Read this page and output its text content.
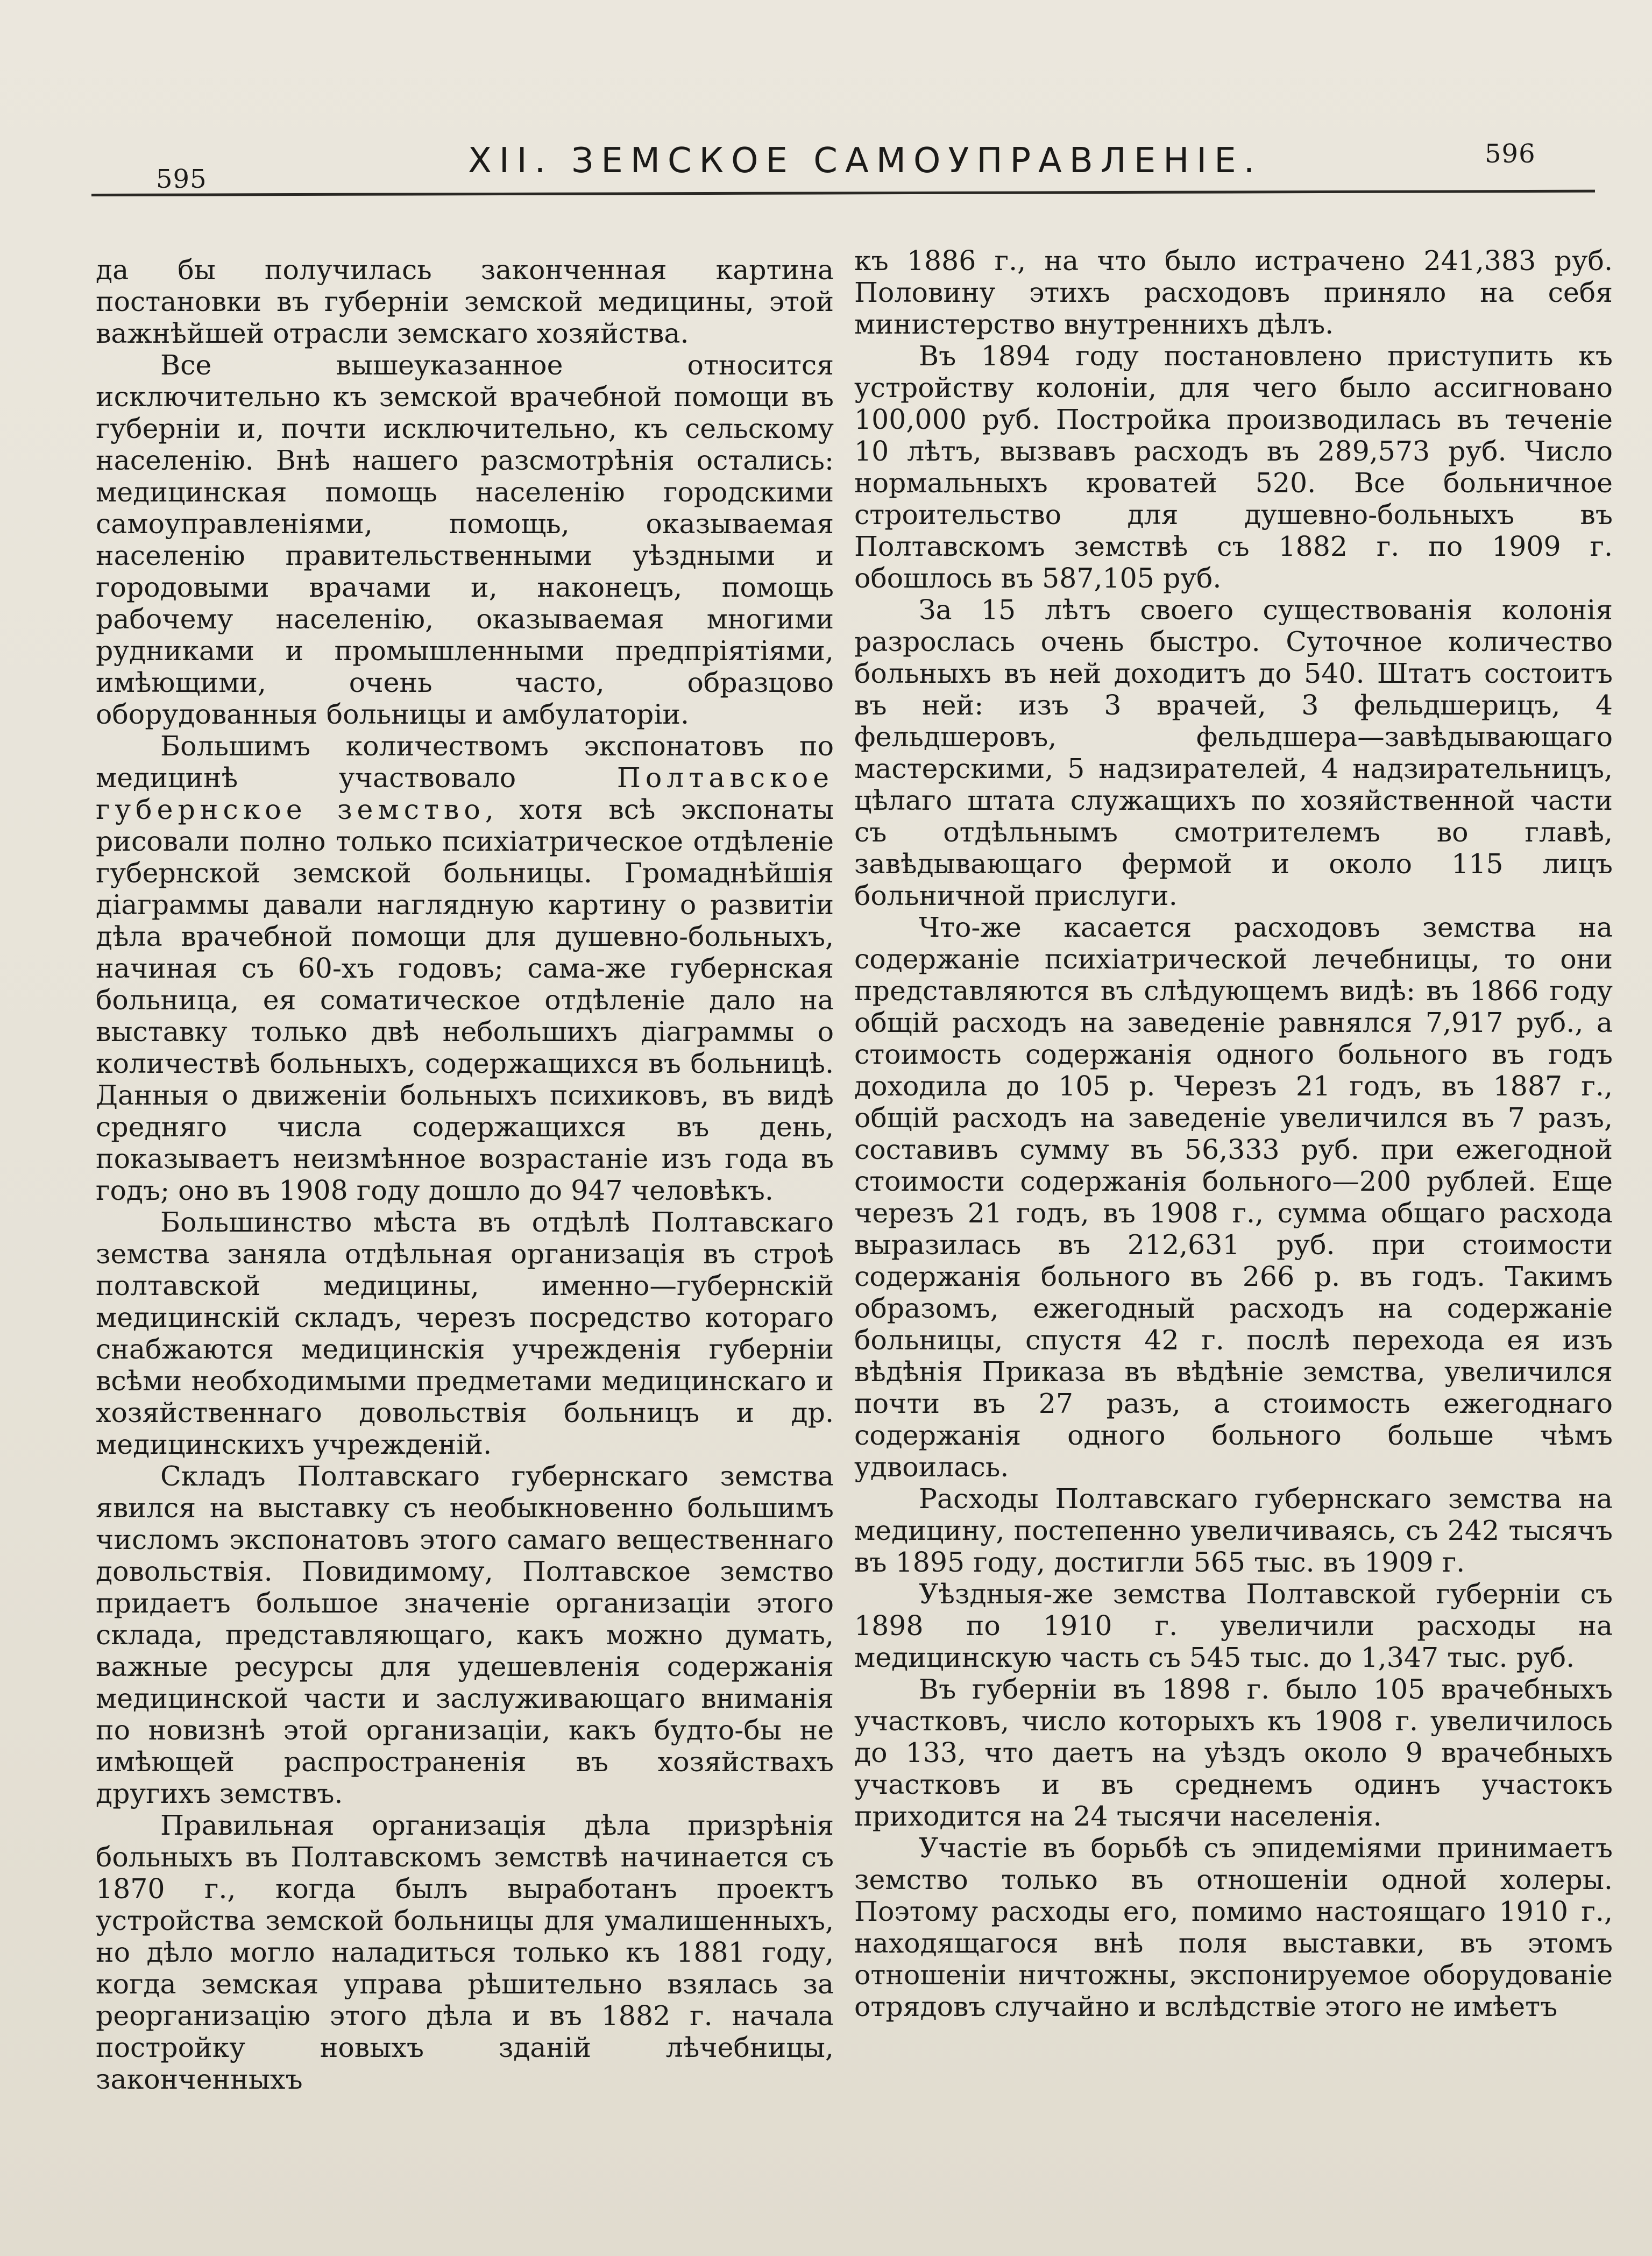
595	XII. ЗЕМСКОЕ САМОУПРАВЛЕНІЕ.	596

да бы получилась законченная картина постановки въ губерніи земской медицины, этой важнѣйшей отрасли земскаго хозяйства.

Все вышеуказанное относится исключительно къ земской врачебной помощи въ губерніи и, почти исключительно, къ сельскому населенію. Внѣ нашего разсмотрѣнія остались: медицинская помощь населенію городскими самоуправленіями, помощь, оказываемая населенію правительственными уѣздными и городовыми врачами и, наконецъ, помощь рабочему населенію, оказываемая многими рудниками и промышленными предпріятіями, имѣющими, очень часто, образцово оборудованныя больницы и амбулаторіи.

Большимъ количествомъ экспонатовъ по медицинѣ участвовало Полтавское губернское земство, хотя всѣ экспонаты рисовали полно только психіатрическое отдѣленіе губернской земской больницы. Громаднѣйшія діаграммы давали наглядную картину о развитіи дѣла врачебной помощи для душевно-больныхъ, начиная съ 60-хъ годовъ; сама-же губернская больница, ея соматическое отдѣленіе дало на выставку только двѣ небольшихъ діаграммы о количествѣ больныхъ, содержащихся въ больницѣ. Данныя о движеніи больныхъ психиковъ, въ видѣ средняго числа содержащихся въ день, показываетъ неизмѣнное возрастаніе изъ года въ годъ; оно въ 1908 году дошло до 947 человѣкъ.

Большинство мѣста въ отдѣлѣ Полтавскаго земства заняла отдѣльная организація въ строѣ полтавской медицины, именно—губернскій медицинскій складъ, черезъ посредство котораго снабжаются медицинскія учрежденія губерніи всѣми необходимыми предметами медицинскаго и хозяйственнаго довольствія больницъ и др. медицинскихъ учрежденій.

Складъ Полтавскаго губернскаго земства явился на выставку съ необыкновенно большимъ числомъ экспонатовъ этого самаго вещественнаго довольствія. Повидимому, Полтавское земство придаетъ большое значеніе организаціи этого склада, представляющаго, какъ можно думать, важные ресурсы для удешевленія содержанія медицинской части и заслуживающаго вниманія по новизнѣ этой организаціи, какъ будто-бы не имѣющей распространенія въ хозяйствахъ другихъ земствъ.

Правильная организація дѣла призрѣнія больныхъ въ Полтавскомъ земствѣ начинается съ 1870 г., когда былъ выработанъ проектъ устройства земской больницы для умалишенныхъ, но дѣло могло наладиться только къ 1881 году, когда земская управа рѣшительно взялась за реорганизацію этого дѣла и въ 1882 г. начала постройку новыхъ зданій лѣчебницы, законченныхъ

къ 1886 г., на что было истрачено 241,383 руб. Половину этихъ расходовъ приняло на себя министерство внутреннихъ дѣлъ.

Въ 1894 году постановлено приступить къ устройству колоніи, для чего было ассигновано 100,000 руб. Постройка производилась въ теченіе 10 лѣтъ, вызвавъ расходъ въ 289,573 руб. Число нормальныхъ кроватей 520. Все больничное строительство для душевно-больныхъ въ Полтавскомъ земствѣ съ 1882 г. по 1909 г. обошлось въ 587,105 руб.

За 15 лѣтъ своего существованія колонія разрослась очень быстро. Суточное количество больныхъ въ ней доходитъ до 540. Штатъ состоитъ въ ней: изъ 3 врачей, 3 фельдшерицъ, 4 фельдшеровъ, фельдшера—завѣдывающаго мастерскими, 5 надзирателей, 4 надзирательницъ, цѣлаго штата служащихъ по хозяйственной части съ отдѣльнымъ смотрителемъ во главѣ, завѣдывающаго фермой и около 115 лицъ больничной прислуги.

Что-же касается расходовъ земства на содержаніе психіатрической лечебницы, то они представляются въ слѣдующемъ видѣ: въ 1866 году общій расходъ на заведеніе равнялся 7,917 руб., а стоимость содержанія одного больного въ годъ доходила до 105 р. Черезъ 21 годъ, въ 1887 г., общій расходъ на заведеніе увеличился въ 7 разъ, составивъ сумму въ 56,333 руб. при ежегодной стоимости содержанія больного—200 рублей. Еще черезъ 21 годъ, въ 1908 г., сумма общаго расхода выразилась въ 212,631 руб. при стоимости содержанія больного въ 266 р. въ годъ. Такимъ образомъ, ежегодный расходъ на содержаніе больницы, спустя 42 г. послѣ перехода ея изъ вѣдѣнія Приказа въ вѣдѣніе земства, увеличился почти въ 27 разъ, а стоимость ежегоднаго содержанія одного больного больше чѣмъ удвоилась.

Расходы Полтавскаго губернскаго земства на медицину, постепенно увеличиваясь, съ 242 тысячъ въ 1895 году, достигли 565 тыс. въ 1909 г.

Уѣздныя-же земства Полтавской губерніи съ 1898 по 1910 г. увеличили расходы на медицинскую часть съ 545 тыс. до 1,347 тыс. руб.

Въ губерніи въ 1898 г. было 105 врачебныхъ участковъ, число которыхъ къ 1908 г. увеличилось до 133, что даетъ на уѣздъ около 9 врачебныхъ участковъ и въ среднемъ одинъ участокъ приходится на 24 тысячи населенія.

Участіе въ борьбѣ съ эпидеміями принимаетъ земство только въ отношеніи одной холеры. Поэтому расходы его, помимо настоящаго 1910 г., находящагося внѣ поля выставки, въ этомъ отношеніи ничтожны, экспонируемое оборудованіе отрядовъ случайно и вслѣдствіе этого не имѣетъ
